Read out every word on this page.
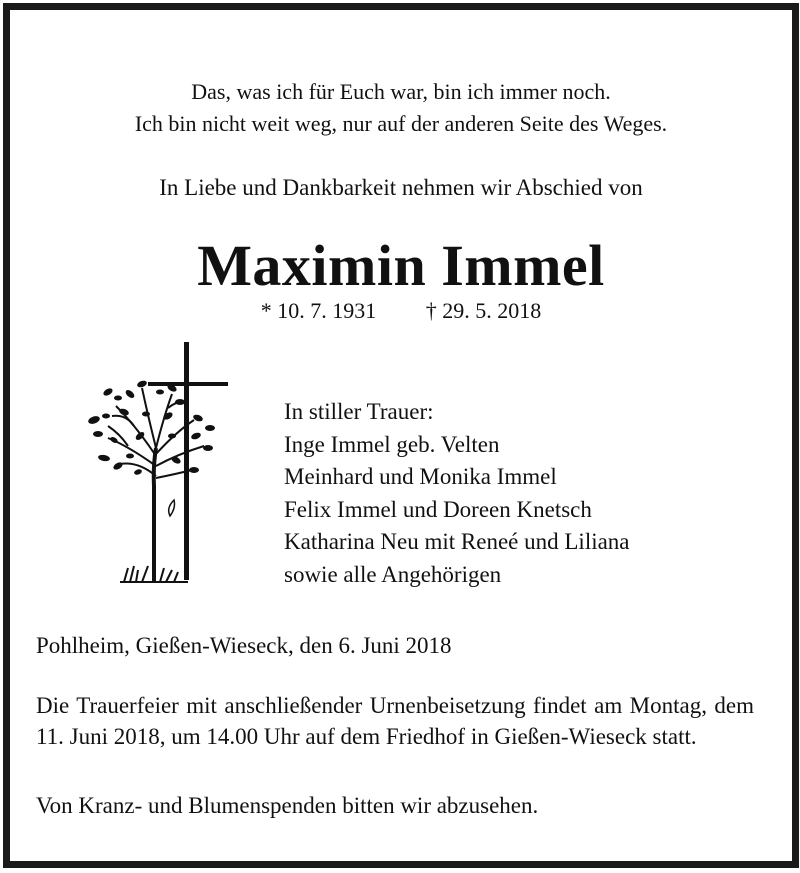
Das, was ich für Euch war, bin ich immer noch.
Ich bin nicht weit weg, nur auf der anderen Seite des Weges.
In Liebe und Dankbarkeit nehmen wir Abschied von
Maximin Immel
* 10. 7. 1931 † 29. 5. 2018
In stiller Trauer:
Inge Immel geb. Velten
Meinhard und Monika Immel
Felix Immel und Doreen Knetsch
Katharina Neu mit Reneé und Liliana
sowie alle Angehörigen
Pohlheim, Gießen-Wieseck, den 6. Juni 2018
Die Trauerfeier mit anschließender Urnenbeisetzung findet am Montag, dem 11. Juni 2018, um 14.00 Uhr auf dem Friedhof in Gießen-Wieseck statt.
Von Kranz- und Blumenspenden bitten wir abzusehen.
